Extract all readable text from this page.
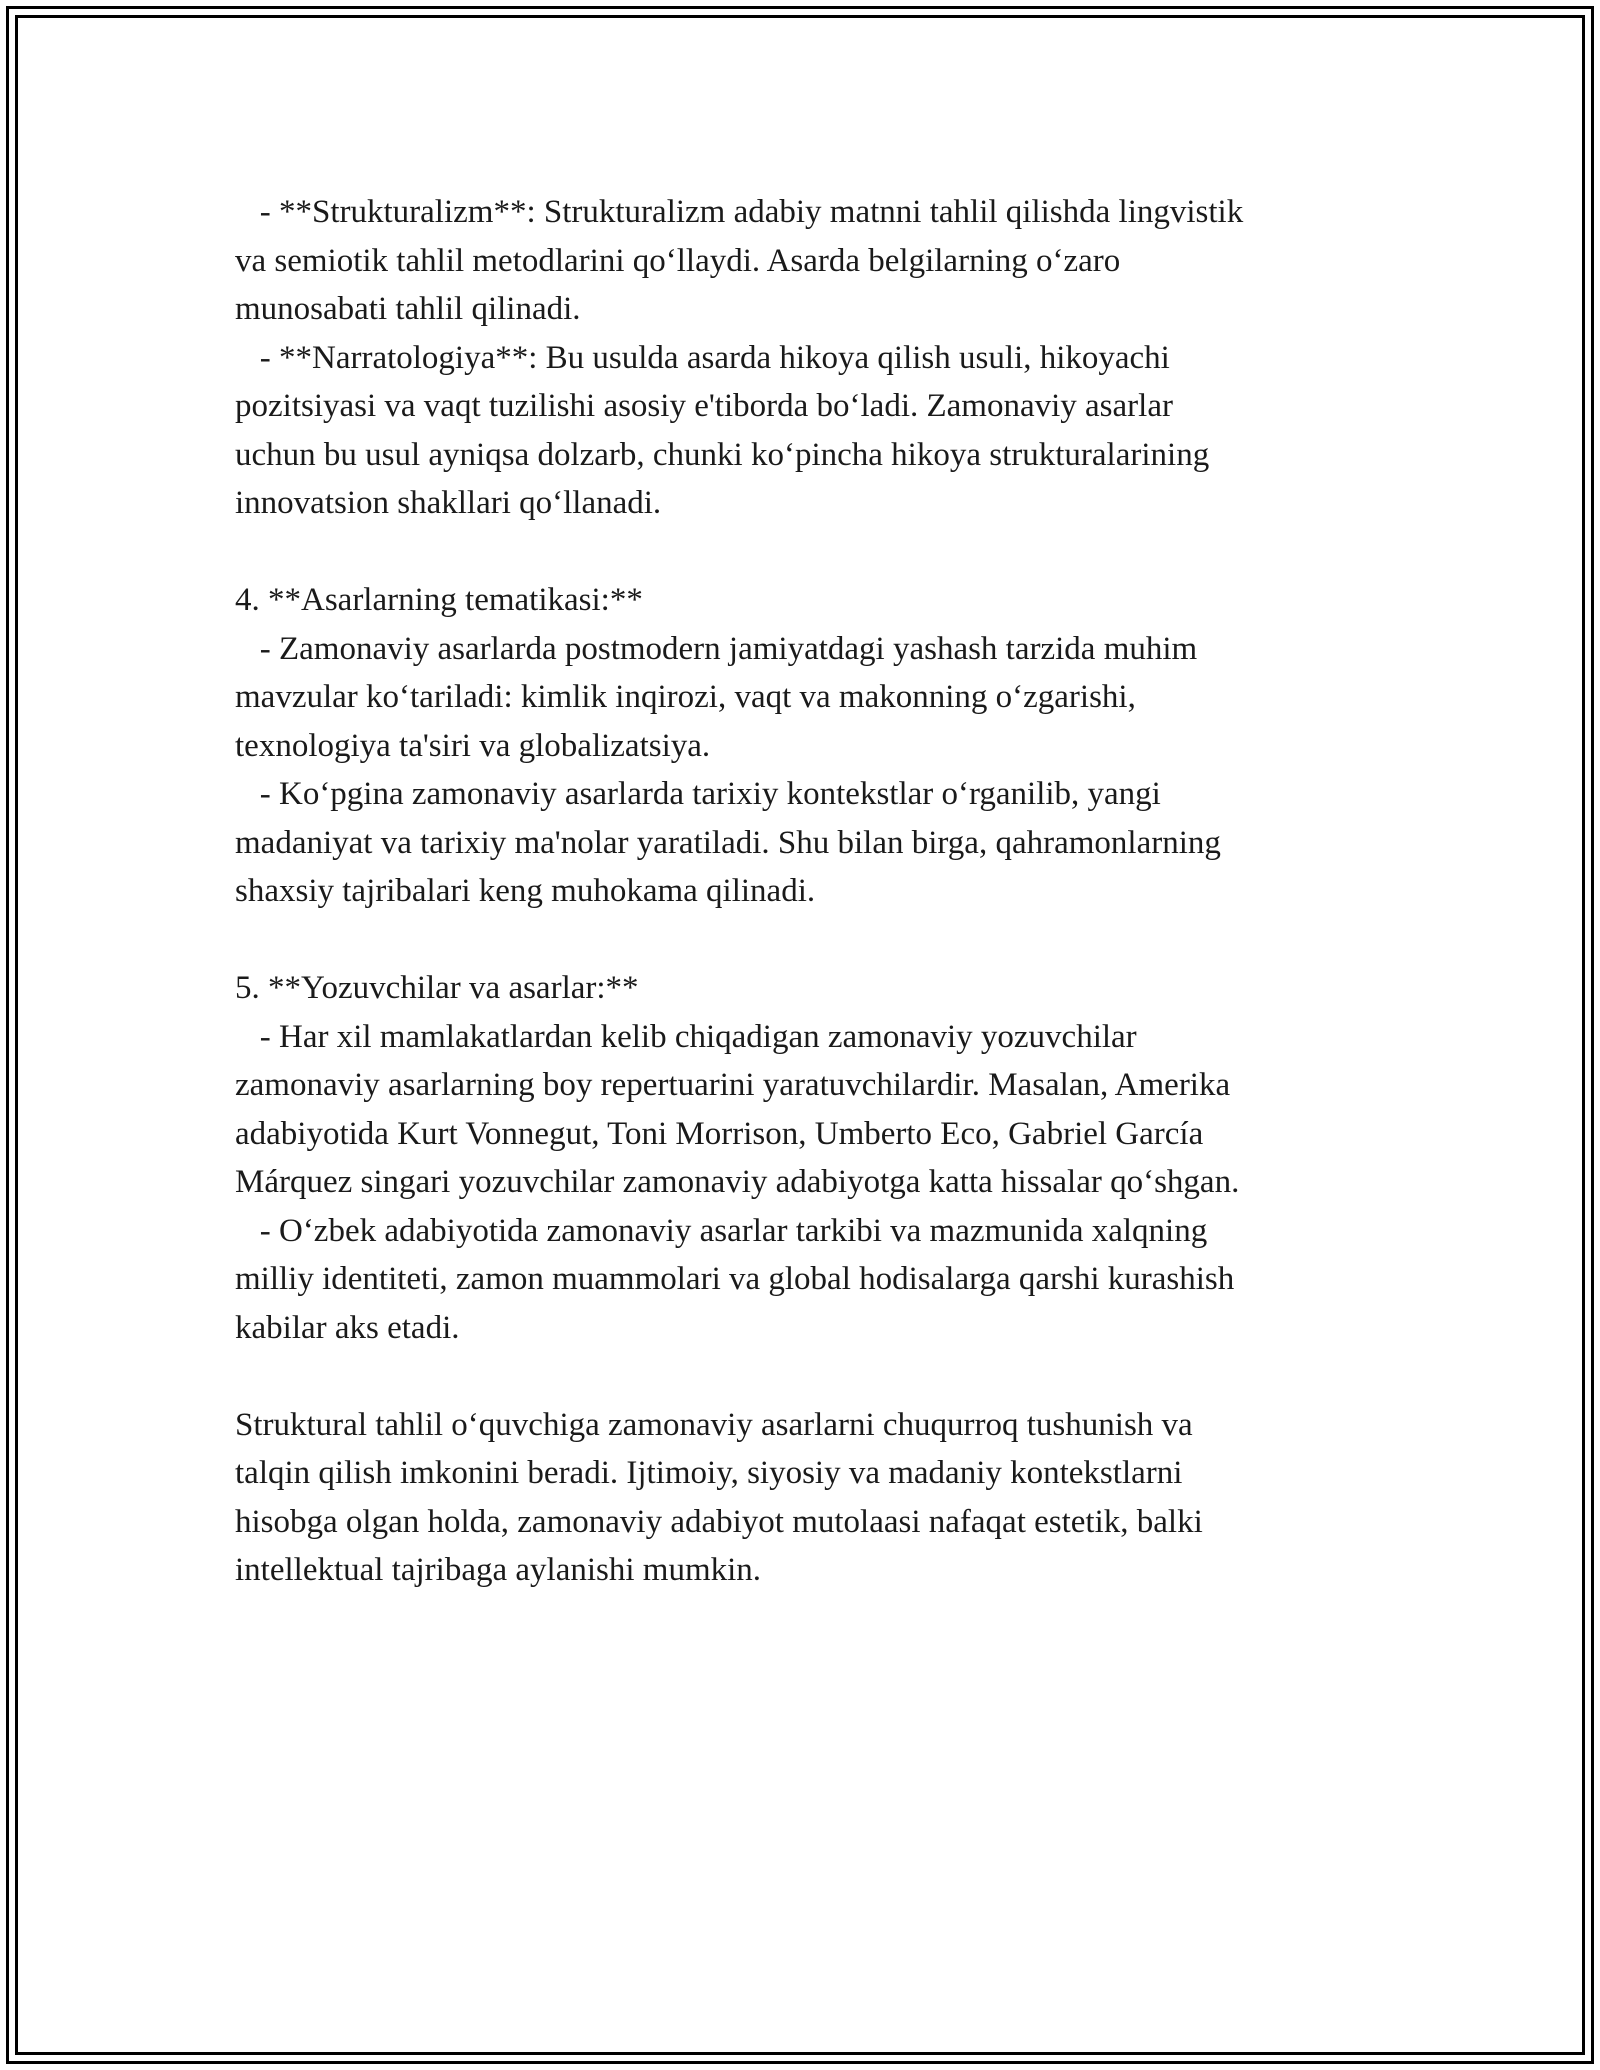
- **Strukturalizm**: Strukturalizm adabiy matnni tahlil qilishda lingvistik
va semiotik tahlil metodlarini qo‘llaydi. Asarda belgilarning o‘zaro
munosabati tahlil qilinadi.
- **Narratologiya**: Bu usulda asarda hikoya qilish usuli, hikoyachi
pozitsiyasi va vaqt tuzilishi asosiy e'tiborda bo‘ladi. Zamonaviy asarlar
uchun bu usul ayniqsa dolzarb, chunki ko‘pincha hikoya strukturalarining
innovatsion shakllari qo‘llanadi.
4. **Asarlarning tematikasi:**
- Zamonaviy asarlarda postmodern jamiyatdagi yashash tarzida muhim
mavzular ko‘tariladi: kimlik inqirozi, vaqt va makonning o‘zgarishi,
texnologiya ta'siri va globalizatsiya.
- Ko‘pgina zamonaviy asarlarda tarixiy kontekstlar o‘rganilib, yangi
madaniyat va tarixiy ma'nolar yaratiladi. Shu bilan birga, qahramonlarning
shaxsiy tajribalari keng muhokama qilinadi.
5. **Yozuvchilar va asarlar:**
- Har xil mamlakatlardan kelib chiqadigan zamonaviy yozuvchilar
zamonaviy asarlarning boy repertuarini yaratuvchilardir. Masalan, Amerika
adabiyotida Kurt Vonnegut, Toni Morrison, Umberto Eco, Gabriel García
Márquez singari yozuvchilar zamonaviy adabiyotga katta hissalar qo‘shgan.
- O‘zbek adabiyotida zamonaviy asarlar tarkibi va mazmunida xalqning
milliy identiteti, zamon muammolari va global hodisalarga qarshi kurashish
kabilar aks etadi.
Struktural tahlil o‘quvchiga zamonaviy asarlarni chuqurroq tushunish va
talqin qilish imkonini beradi. Ijtimoiy, siyosiy va madaniy kontekstlarni
hisobga olgan holda, zamonaviy adabiyot mutolaasi nafaqat estetik, balki
intellektual tajribaga aylanishi mumkin.
